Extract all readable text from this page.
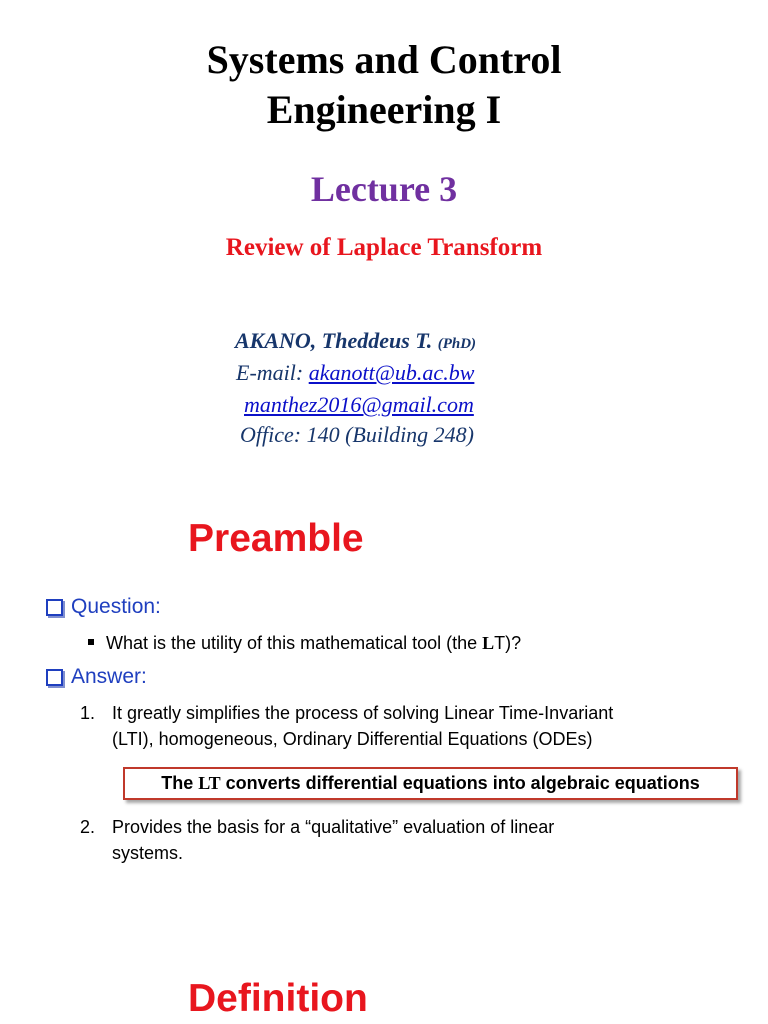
Systems and Control
Engineering I
Lecture 3
Review of Laplace Transform
AKANO, Theddeus T. (PhD)
E-mail: akanott@ub.ac.bw
manthez2016@gmail.com
Office: 140 (Building 248)
Preamble
Question:
What is the utility of this mathematical tool (the LT)?
Answer:
1. It greatly simplifies the process of solving Linear Time-Invariant
(LTI), homogeneous, Ordinary Differential Equations (ODEs)
The LT converts differential equations into algebraic equations
2. Provides the basis for a “qualitative” evaluation of linear
systems.
Definition
